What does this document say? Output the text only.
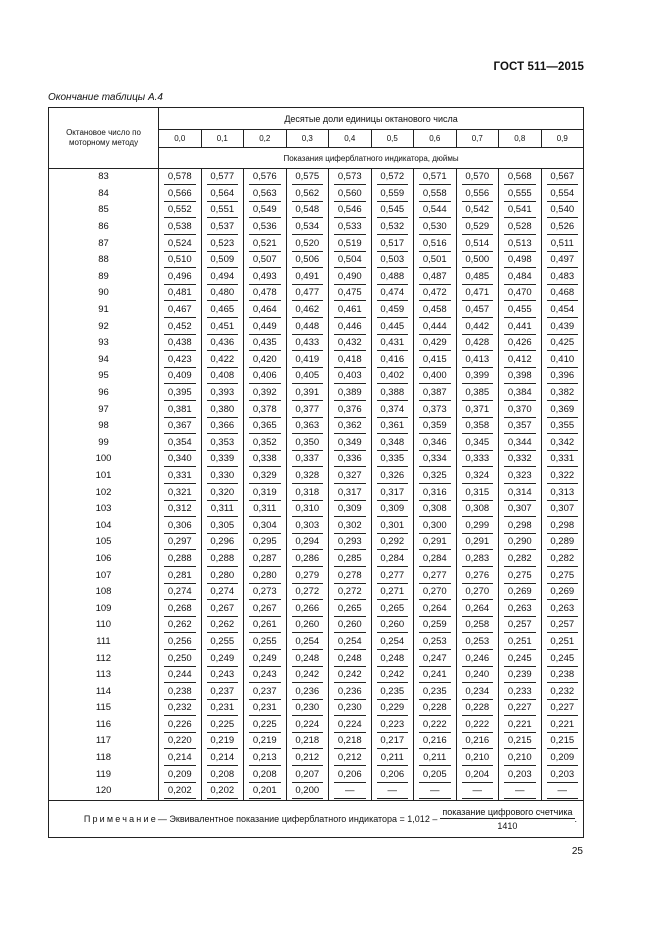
ГОСТ 511—2015
Окончание таблицы А.4
Октановое число по моторному методу	Десятые доли единицы октанового числа									
	0,0	0,1	0,2	0,3	0,4	0,5	0,6	0,7	0,8	0,9
	Показания циферблатного индикатора, дюймы									
83	0,578	0,577	0,576	0,575	0,573	0,572	0,571	0,570	0,568	0,567

84	0,566	0,564	0,563	0,562	0,560	0,559	0,558	0,556	0,555	0,554

85	0,552	0,551	0,549	0,548	0,546	0,545	0,544	0,542	0,541	0,540

86	0,538	0,537	0,536	0,534	0,533	0,532	0,530	0,529	0,528	0,526

87	0,524	0,523	0,521	0,520	0,519	0,517	0,516	0,514	0,513	0,511

88	0,510	0,509	0,507	0,506	0,504	0,503	0,501	0,500	0,498	0,497

89	0,496	0,494	0,493	0,491	0,490	0,488	0,487	0,485	0,484	0,483

90	0,481	0,480	0,478	0,477	0,475	0,474	0,472	0,471	0,470	0,468

91	0,467	0,465	0,464	0,462	0,461	0,459	0,458	0,457	0,455	0,454

92	0,452	0,451	0,449	0,448	0,446	0,445	0,444	0,442	0,441	0,439

93	0,438	0,436	0,435	0,433	0,432	0,431	0,429	0,428	0,426	0,425

94	0,423	0,422	0,420	0,419	0,418	0,416	0,415	0,413	0,412	0,410

95	0,409	0,408	0,406	0,405	0,403	0,402	0,400	0,399	0,398	0,396

96	0,395	0,393	0,392	0,391	0,389	0,388	0,387	0,385	0,384	0,382

97	0,381	0,380	0,378	0,377	0,376	0,374	0,373	0,371	0,370	0,369

98	0,367	0,366	0,365	0,363	0,362	0,361	0,359	0,358	0,357	0,355

99	0,354	0,353	0,352	0,350	0,349	0,348	0,346	0,345	0,344	0,342

100	0,340	0,339	0,338	0,337	0,336	0,335	0,334	0,333	0,332	0,331

101	0,331	0,330	0,329	0,328	0,327	0,326	0,325	0,324	0,323	0,322

102	0,321	0,320	0,319	0,318	0,317	0,317	0,316	0,315	0,314	0,313

103	0,312	0,311	0,311	0,310	0,309	0,309	0,308	0,308	0,307	0,307

104	0,306	0,305	0,304	0,303	0,302	0,301	0,300	0,299	0,298	0,298

105	0,297	0,296	0,295	0,294	0,293	0,292	0,291	0,291	0,290	0,289

106	0,288	0,288	0,287	0,286	0,285	0,284	0,284	0,283	0,282	0,282

107	0,281	0,280	0,280	0,279	0,278	0,277	0,277	0,276	0,275	0,275

108	0,274	0,274	0,273	0,272	0,272	0,271	0,270	0,270	0,269	0,269

109	0,268	0,267	0,267	0,266	0,265	0,265	0,264	0,264	0,263	0,263

110	0,262	0,262	0,261	0,260	0,260	0,260	0,259	0,258	0,257	0,257

111	0,256	0,255	0,255	0,254	0,254	0,254	0,253	0,253	0,251	0,251

112	0,250	0,249	0,249	0,248	0,248	0,248	0,247	0,246	0,245	0,245

113	0,244	0,243	0,243	0,242	0,242	0,242	0,241	0,240	0,239	0,238

114	0,238	0,237	0,237	0,236	0,236	0,235	0,235	0,234	0,233	0,232

115	0,232	0,231	0,231	0,230	0,230	0,229	0,228	0,228	0,227	0,227

116	0,226	0,225	0,225	0,224	0,224	0,223	0,222	0,222	0,221	0,221

117	0,220	0,219	0,219	0,218	0,218	0,217	0,216	0,216	0,215	0,215

118	0,214	0,214	0,213	0,212	0,212	0,211	0,211	0,210	0,210	0,209

119	0,209	0,208	0,208	0,207	0,206	0,206	0,205	0,204	0,203	0,203

120	0,202	0,202	0,201	0,200	—	—	—	—	—	—

Примечание — Эквивалентное показание циферблатного индикатора = $1,012 - \frac{\text{показание цифрового счетчика}}{1410}$ .										
25
